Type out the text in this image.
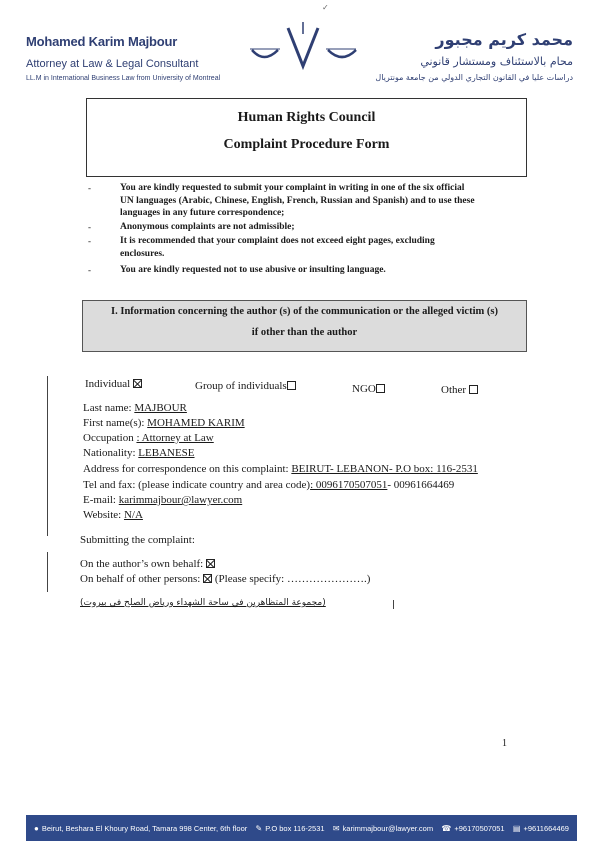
✓
Mohamed Karim Majbour
Attorney at Law & Legal Consultant
LL.M in International Business Law from University of Montreal
محمد كريم مجبور
محام بالاستئناف ومستشار قانوني
دراسات عليا في القانون التجاري الدولي من جامعة مونتريال
Human Rights Council
Complaint Procedure Form
-	You are kindly requested to submit your complaint in writing in one of the six official
UN languages (Arabic, Chinese, English, French, Russian and Spanish) and to use these
languages in any future correspondence;
-	Anonymous complaints are not admissible;
-	It is recommended that your complaint does not exceed eight pages, excluding
enclosures.
-	You are kindly requested not to use abusive or insulting language.
I. Information concerning the author (s) of the communication or the alleged victim (s)
if other than the author
Individual	Group of individuals	NGO	Other
Last name: MAJBOUR
First name(s): MOHAMED KARIM
Occupation : Attorney at Law
Nationality: LEBANESE
Address for correspondence on this complaint: BEIRUT- LEBANON- P.O box: 116-2531
Tel and fax: (please indicate country and area code): 0096170507051- 00961664469
E-mail: karimmajbour@lawyer.com
Website: N/A
Submitting the complaint:
On the author’s own behalf:
On behalf of other persons: (Please specify: ………………….)
(مجموعة المتظاهرين في ساحة الشهداء ورياض الصلح في بيروت)
1
● Beirut, Beshara El Khoury Road, Tamara 998 Center, 6th floor ✎ P.O box 116-2531 ✉ karimmajbour@lawyer.com ☎ +96170507051 ▤ +9611664469
